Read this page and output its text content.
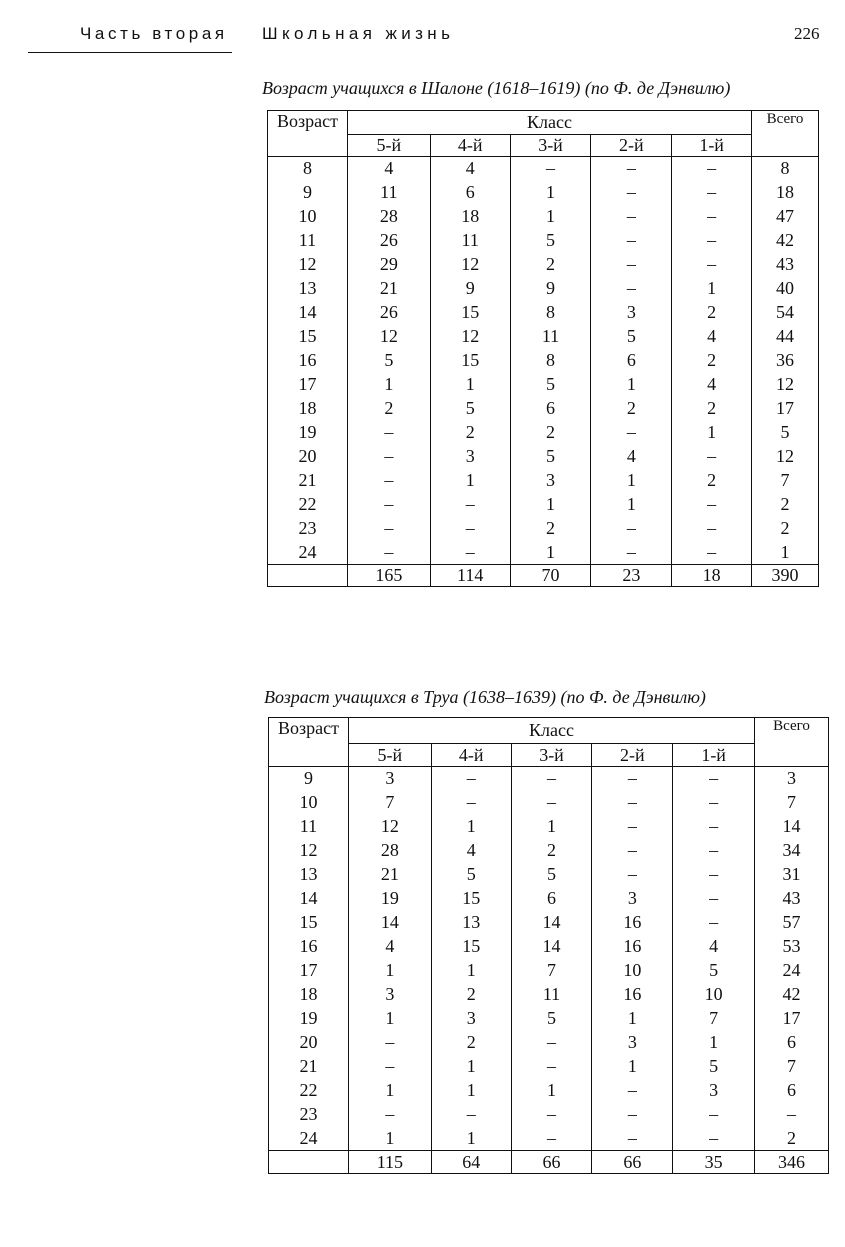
Часть вторая Школьная жизнь	226
Возраст учащихся в Шалоне (1618–1619) (по Ф. де Дэнвилю)
Возраст	Класс					Всего
	5-й	4-й	3-й	2-й	1-й	
8	4	4	–	–	–	8
9	11	6	1	–	–	18
10	28	18	1	–	–	47
11	26	11	5	–	–	42
12	29	12	2	–	–	43
13	21	9	9	–	1	40
14	26	15	8	3	2	54
15	12	12	11	5	4	44
16	5	15	8	6	2	36
17	1	1	5	1	4	12
18	2	5	6	2	2	17
19	–	2	2	–	1	5
20	–	3	5	4	–	12
21	–	1	3	1	2	7
22	–	–	1	1	–	2
23	–	–	2	–	–	2
24	–	–	1	–	–	1
	165	114	70	23	18	390
Возраст учащихся в Труа (1638–1639) (по Ф. де Дэнвилю)
Возраст	Класс					Всего
	5-й	4-й	3-й	2-й	1-й	
9	3	–	–	–	–	3
10	7	–	–	–	–	7
11	12	1	1	–	–	14
12	28	4	2	–	–	34
13	21	5	5	–	–	31
14	19	15	6	3	–	43
15	14	13	14	16	–	57
16	4	15	14	16	4	53
17	1	1	7	10	5	24
18	3	2	11	16	10	42
19	1	3	5	1	7	17
20	–	2	–	3	1	6
21	–	1	–	1	5	7
22	1	1	1	–	3	6
23	–	–	–	–	–	–
24	1	1	–	–	–	2
	115	64	66	66	35	346
